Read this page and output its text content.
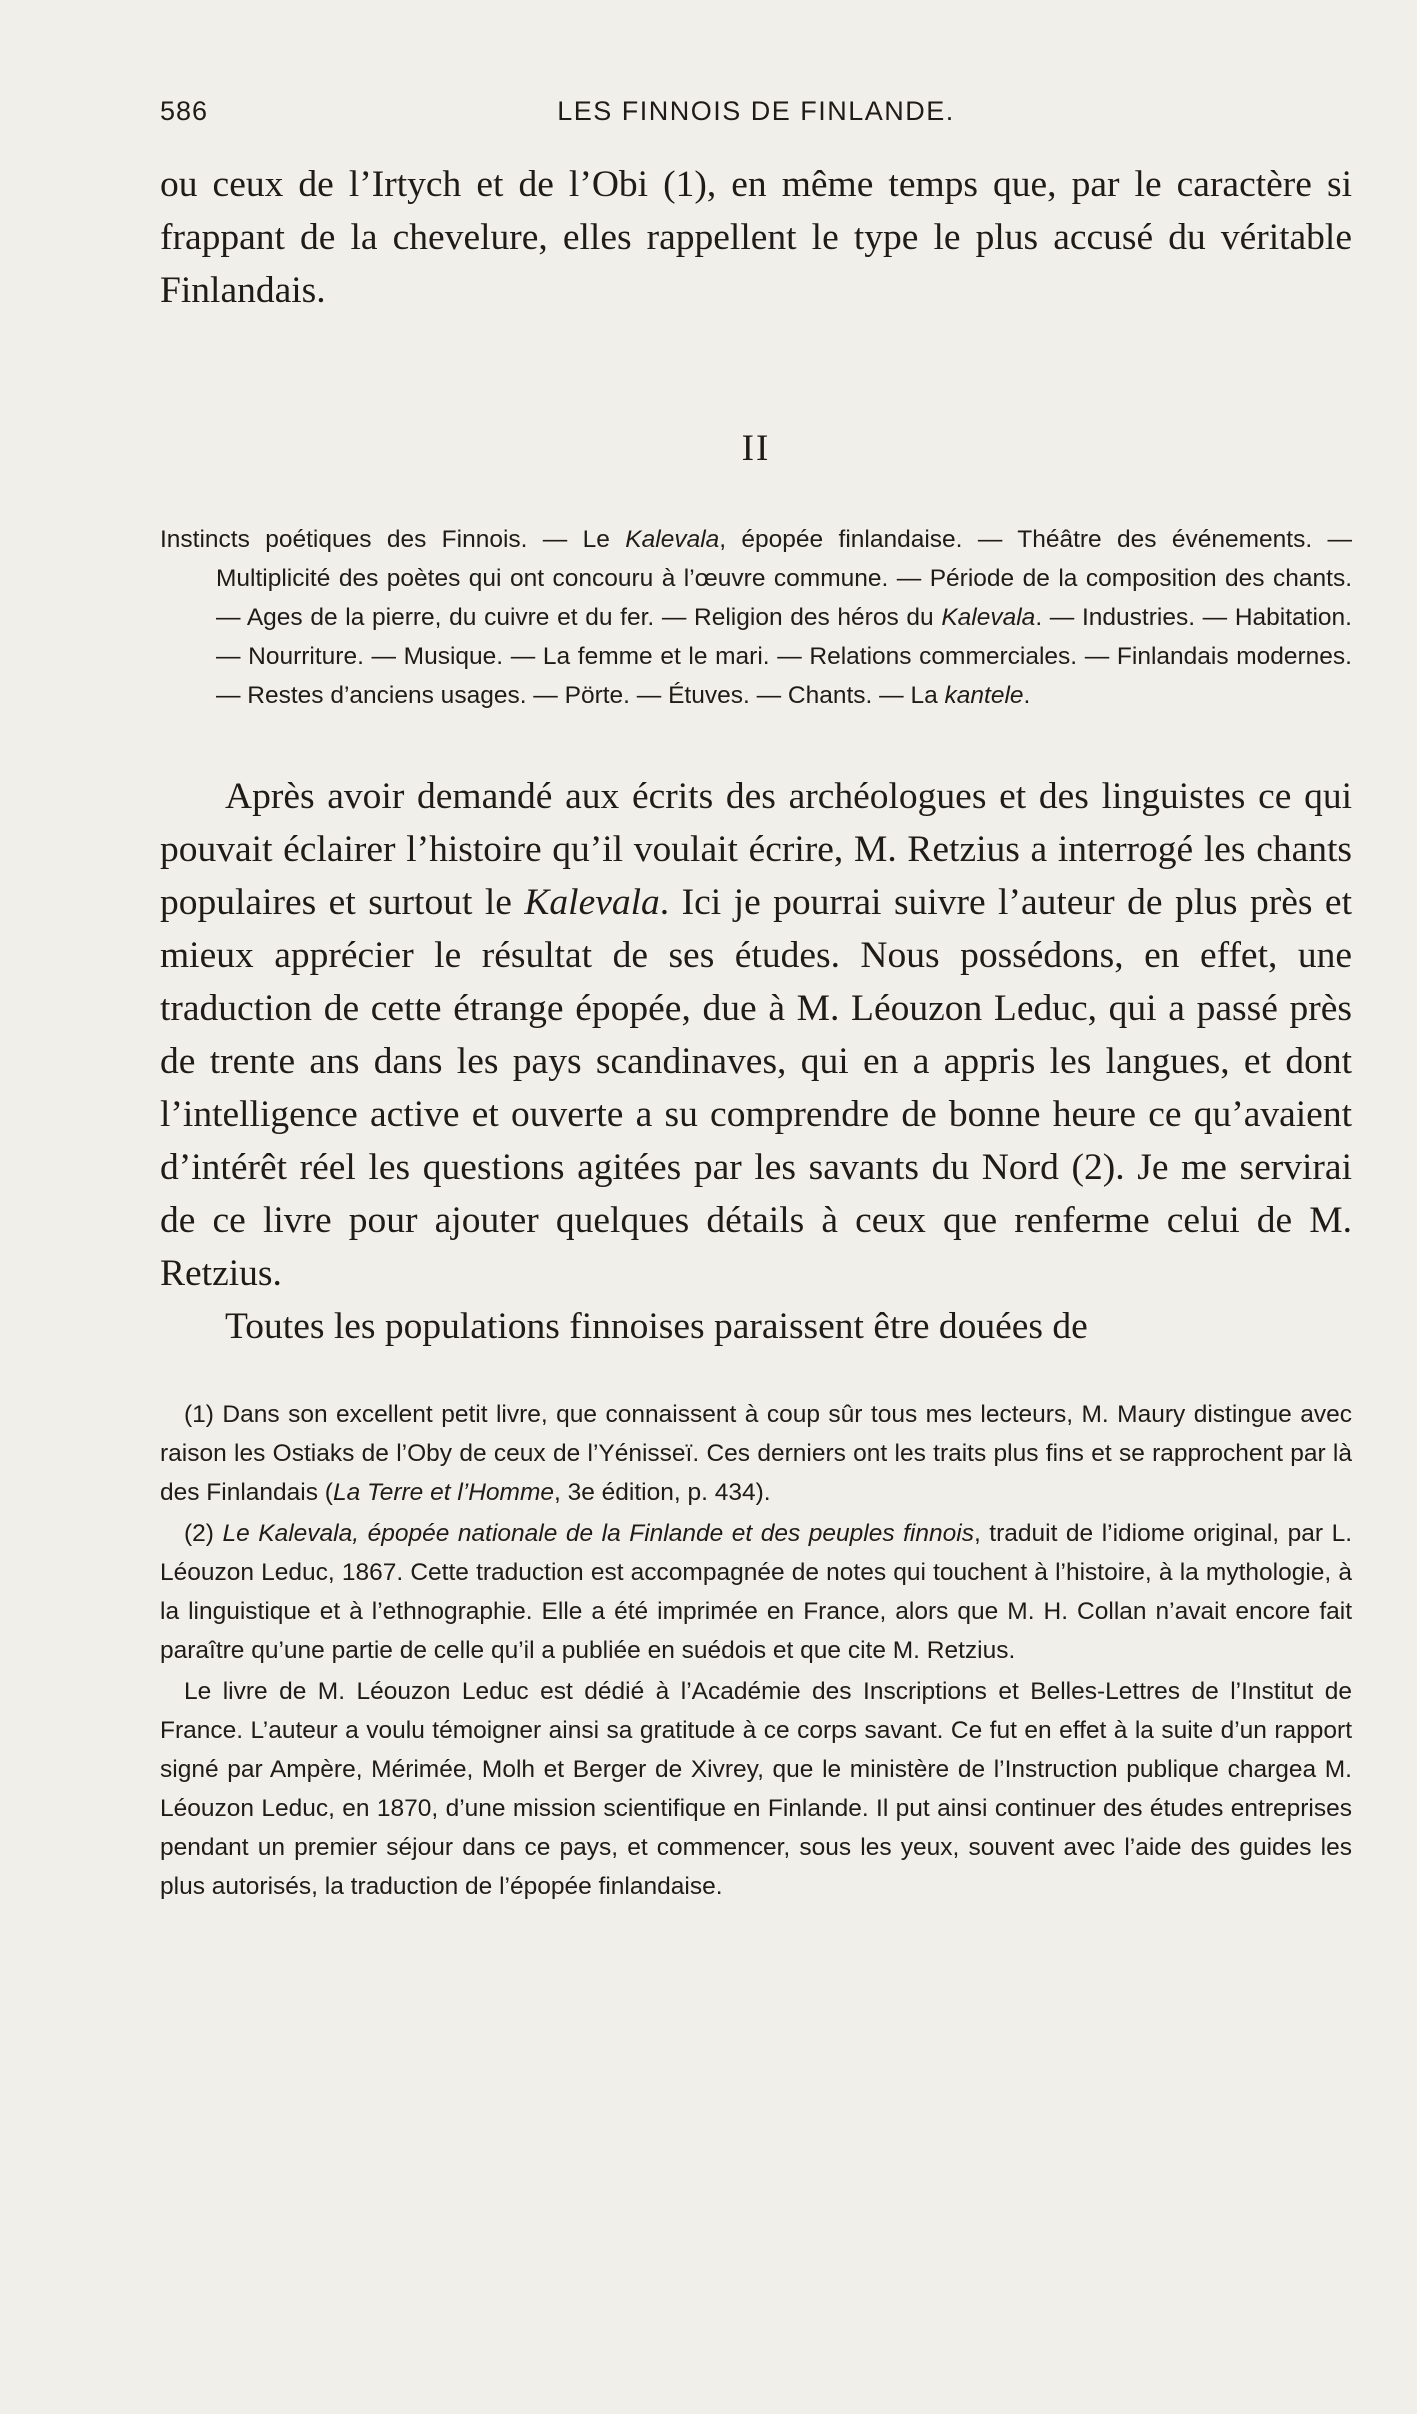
586	LES FINNOIS DE FINLANDE.

ou ceux de l’Irtych et de l’Obi (1), en même temps que, par le caractère si frappant de la chevelure, elles rappellent le type le plus accusé du véritable Finlandais.

II

Instincts poétiques des Finnois. — Le Kalevala, épopée finlandaise. — Théâtre des événements. — Multiplicité des poètes qui ont concouru à l’œuvre commune. — Période de la composition des chants. — Ages de la pierre, du cuivre et du fer. — Religion des héros du Kalevala. — Industries. — Habitation. — Nourriture. — Musique. — La femme et le mari. — Relations commerciales. — Finlandais modernes. — Restes d’anciens usages. — Pörte. — Étuves. — Chants. — La kantele.

Après avoir demandé aux écrits des archéologues et des linguistes ce qui pouvait éclairer l’histoire qu’il voulait écrire, M. Retzius a interrogé les chants populaires et surtout le Kalevala. Ici je pourrai suivre l’auteur de plus près et mieux apprécier le résultat de ses études. Nous possédons, en effet, une traduction de cette étrange épopée, due à M. Léouzon Leduc, qui a passé près de trente ans dans les pays scandinaves, qui en a appris les langues, et dont l’intelligence active et ouverte a su comprendre de bonne heure ce qu’avaient d’intérêt réel les questions agitées par les savants du Nord (2). Je me servirai de ce livre pour ajouter quelques détails à ceux que renferme celui de M. Retzius.

Toutes les populations finnoises paraissent être douées de

(1) Dans son excellent petit livre, que connaissent à coup sûr tous mes lecteurs, M. Maury distingue avec raison les Ostiaks de l’Oby de ceux de l’Yénisseï. Ces derniers ont les traits plus fins et se rapprochent par là des Finlandais (La Terre et l’Homme, 3e édition, p. 434).

(2) Le Kalevala, épopée nationale de la Finlande et des peuples finnois, traduit de l’idiome original, par L. Léouzon Leduc, 1867. Cette traduction est accompagnée de notes qui touchent à l’histoire, à la mythologie, à la linguistique et à l’ethnographie. Elle a été imprimée en France, alors que M. H. Collan n’avait encore fait paraître qu’une partie de celle qu’il a publiée en suédois et que cite M. Retzius.

Le livre de M. Léouzon Leduc est dédié à l’Académie des Inscriptions et Belles-Lettres de l’Institut de France. L’auteur a voulu témoigner ainsi sa gratitude à ce corps savant. Ce fut en effet à la suite d’un rapport signé par Ampère, Mérimée, Molh et Berger de Xivrey, que le ministère de l’Instruction publique chargea M. Léouzon Leduc, en 1870, d’une mission scientifique en Finlande. Il put ainsi continuer des études entreprises pendant un premier séjour dans ce pays, et commencer, sous les yeux, souvent avec l’aide des guides les plus autorisés, la traduction de l’épopée finlandaise.
